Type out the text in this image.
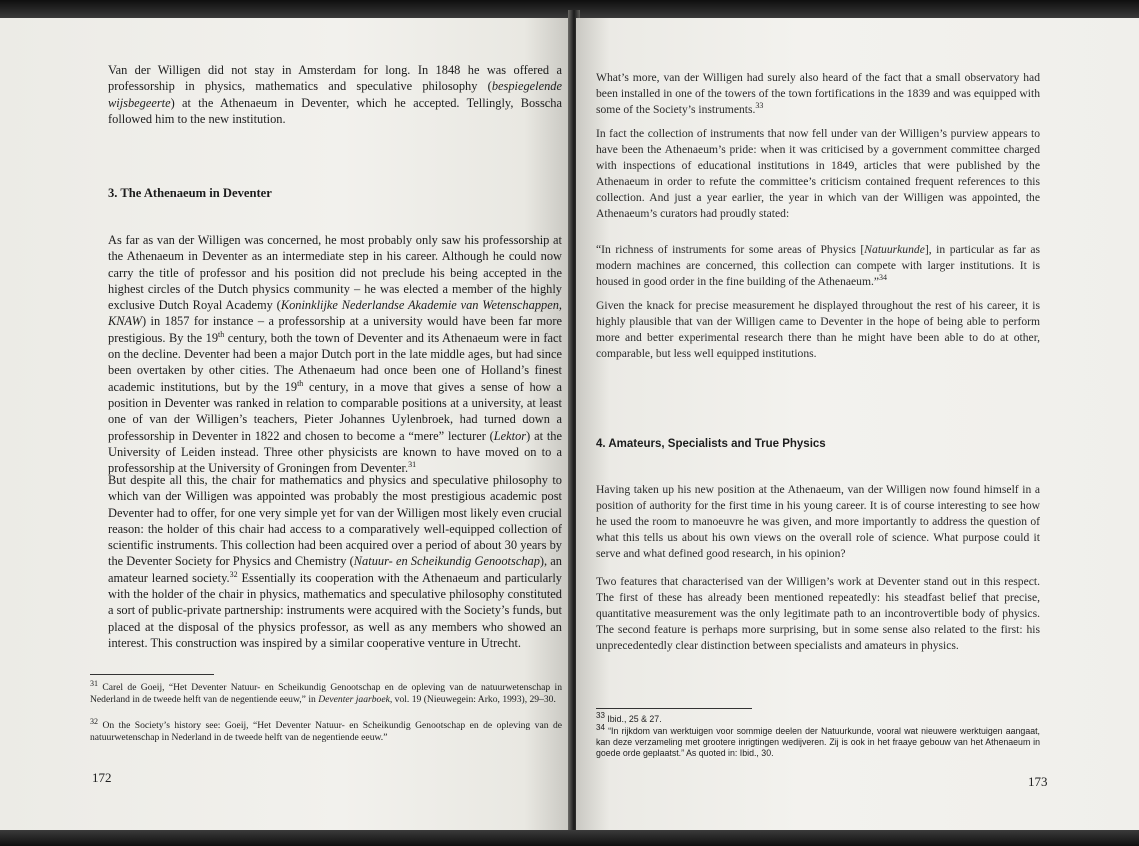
Van der Willigen did not stay in Amsterdam for long. In 1848 he was offered a professorship in physics, mathematics and speculative philosophy (bespiegelende wijsbegeerte) at the Athenaeum in Deventer, which he accepted. Tellingly, Bosscha followed him to the new institution.

3. The Athenaeum in Deventer

As far as van der Willigen was concerned, he most probably only saw his professorship at the Athenaeum in Deventer as an intermediate step in his career. Although he could now carry the title of professor and his position did not preclude his being accepted in the highest circles of the Dutch physics community – he was elected a member of the highly exclusive Dutch Royal Academy (Koninklijke Nederlandse Akademie van Wetenschappen, KNAW) in 1857 for instance – a professorship at a university would have been far more prestigious. By the 19th century, both the town of Deventer and its Athenaeum were in fact on the decline. Deventer had been a major Dutch port in the late middle ages, but had since been overtaken by other cities. The Athenaeum had once been one of Holland’s finest academic institutions, but by the 19th century, in a move that gives a sense of how a position in Deventer was ranked in relation to comparable positions at a university, at least one of van der Willigen’s teachers, Pieter Johannes Uylenbroek, had turned down a professorship in Deventer in 1822 and chosen to become a “mere” lecturer (Lektor) at the University of Leiden instead. Three other physicists are known to have moved on to a professorship at the University of Groningen from Deventer.$^{31}$

But despite all this, the chair for mathematics and physics and speculative philosophy to which van der Willigen was appointed was probably the most prestigious academic post Deventer had to offer, for one very simple yet for van der Willigen most likely even crucial reason: the holder of this chair had access to a comparatively well-equipped collection of scientific instruments. This collection had been acquired over a period of about 30 years by the Deventer Society for Physics and Chemistry (Natuur- en Scheikundig Genootschap), an amateur learned society.$^{32}$ Essentially its cooperation with the Athenaeum and particularly with the holder of the chair in physics, mathematics and speculative philosophy constituted a sort of public-private partnership: instruments were acquired with the Society’s funds, but placed at the disposal of the physics professor, as well as any members who showed an interest. This construction was inspired by a similar cooperative venture in Utrecht.

$^{31}$ Carel de Goeij, “Het Deventer Natuur- en Scheikundig Genootschap en de opleving van de natuurwetenschap in Nederland in de tweede helft van de negentiende eeuw,” in Deventer jaarboek, vol. 19 (Nieuwegein: Arko, 1993), 29–30.

$^{32}$ On the Society’s history see: Goeij, “Het Deventer Natuur- en Scheikundig Genootschap en de opleving van de natuurwetenschap in Nederland in de tweede helft van de negentiende eeuw.”

172

What’s more, van der Willigen had surely also heard of the fact that a small observatory had been installed in one of the towers of the town fortifications in the 1839 and was equipped with some of the Society’s instruments.$^{33}$

In fact the collection of instruments that now fell under van der Willigen’s purview appears to have been the Athenaeum’s pride: when it was criticised by a government committee charged with inspections of educational institutions in 1849, articles that were published by the Athenaeum in order to refute the committee’s criticism contained frequent references to this collection. And just a year earlier, the year in which van der Willigen was appointed, the Athenaeum’s curators had proudly stated:

“In richness of instruments for some areas of Physics [Natuurkunde], in particular as far as modern machines are concerned, this collection can compete with larger institutions. It is housed in good order in the fine building of the Athenaeum.”$^{34}$

Given the knack for precise measurement he displayed throughout the rest of his career, it is highly plausible that van der Willigen came to Deventer in the hope of being able to perform more and better experimental research there than he might have been able to do at other, comparable, but less well equipped institutions.

4. Amateurs, Specialists and True Physics

Having taken up his new position at the Athenaeum, van der Willigen now found himself in a position of authority for the first time in his young career. It is of course interesting to see how he used the room to manoeuvre he was given, and more importantly to address the question of what this tells us about his own views on the overall role of science. What purpose could it serve and what defined good research, in his opinion?

Two features that characterised van der Willigen’s work at Deventer stand out in this respect. The first of these has already been mentioned repeatedly: his steadfast belief that precise, quantitative measurement was the only legitimate path to an incontrovertible body of physics. The second feature is perhaps more surprising, but in some sense also related to the first: his unprecedentedly clear distinction between specialists and amateurs in physics.

$^{33}$ Ibid., 25 & 27.

$^{34}$ “In rijkdom van werktuigen voor sommige deelen der Natuurkunde, vooral wat nieuwere werktuigen aangaat, kan deze verzameling met grootere inrigtingen wedijveren. Zij is ook in het fraaye gebouw van het Athenaeum in goede orde geplaatst.” As quoted in: Ibid., 30.

173
